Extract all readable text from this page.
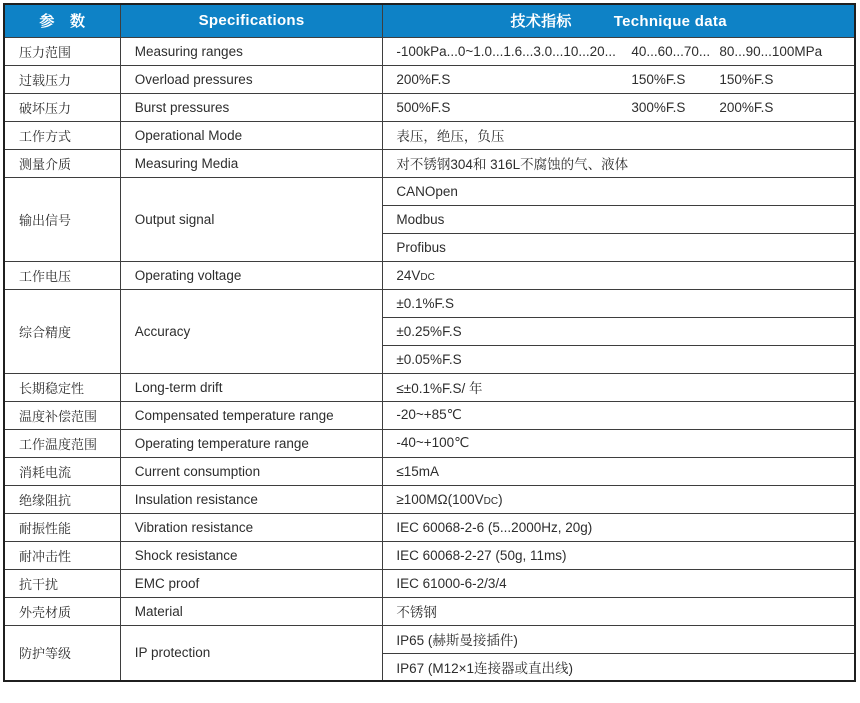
参　数	Specifications	技术指标 Technique data
压力范围	Measuring ranges	-100kPa...0~1.0...1.6...3.0...10...20... 40...60...70... 80...90...100MPa

过载压力	Overload pressures	200%F.S 150%F.S 150%F.S

破坏压力	Burst pressures	500%F.S 300%F.S 200%F.S

工作方式	Operational Mode	表压，绝压，负压
测量介质	Measuring Media	对不锈钢304和 316L不腐蚀的气、液体
输出信号	Output signal	CANOpen
		Modbus
		Profibus
工作电压	Operating voltage	24VDC
综合精度	Accuracy	±0.1%F.S
		±0.25%F.S
		±0.05%F.S
长期稳定性	Long-term drift	≤±0.1%F.S/ 年
温度补偿范围	Compensated temperature range	-20~+85℃
工作温度范围	Operating temperature range	-40~+100℃
消耗电流	Current consumption	≤15mA
绝缘阻抗	Insulation resistance	≥100MΩ(100VDC)
耐振性能	Vibration resistance	IEC 60068-2-6 (5...2000Hz, 20g)
耐冲击性	Shock resistance	IEC 60068-2-27 (50g, 11ms)
抗干扰	EMC proof	IEC 61000-6-2/3/4
外壳材质	Material	不锈钢
防护等级	IP protection	IP65 (赫斯曼接插件)
		IP67 (M12×1连接器或直出线)
